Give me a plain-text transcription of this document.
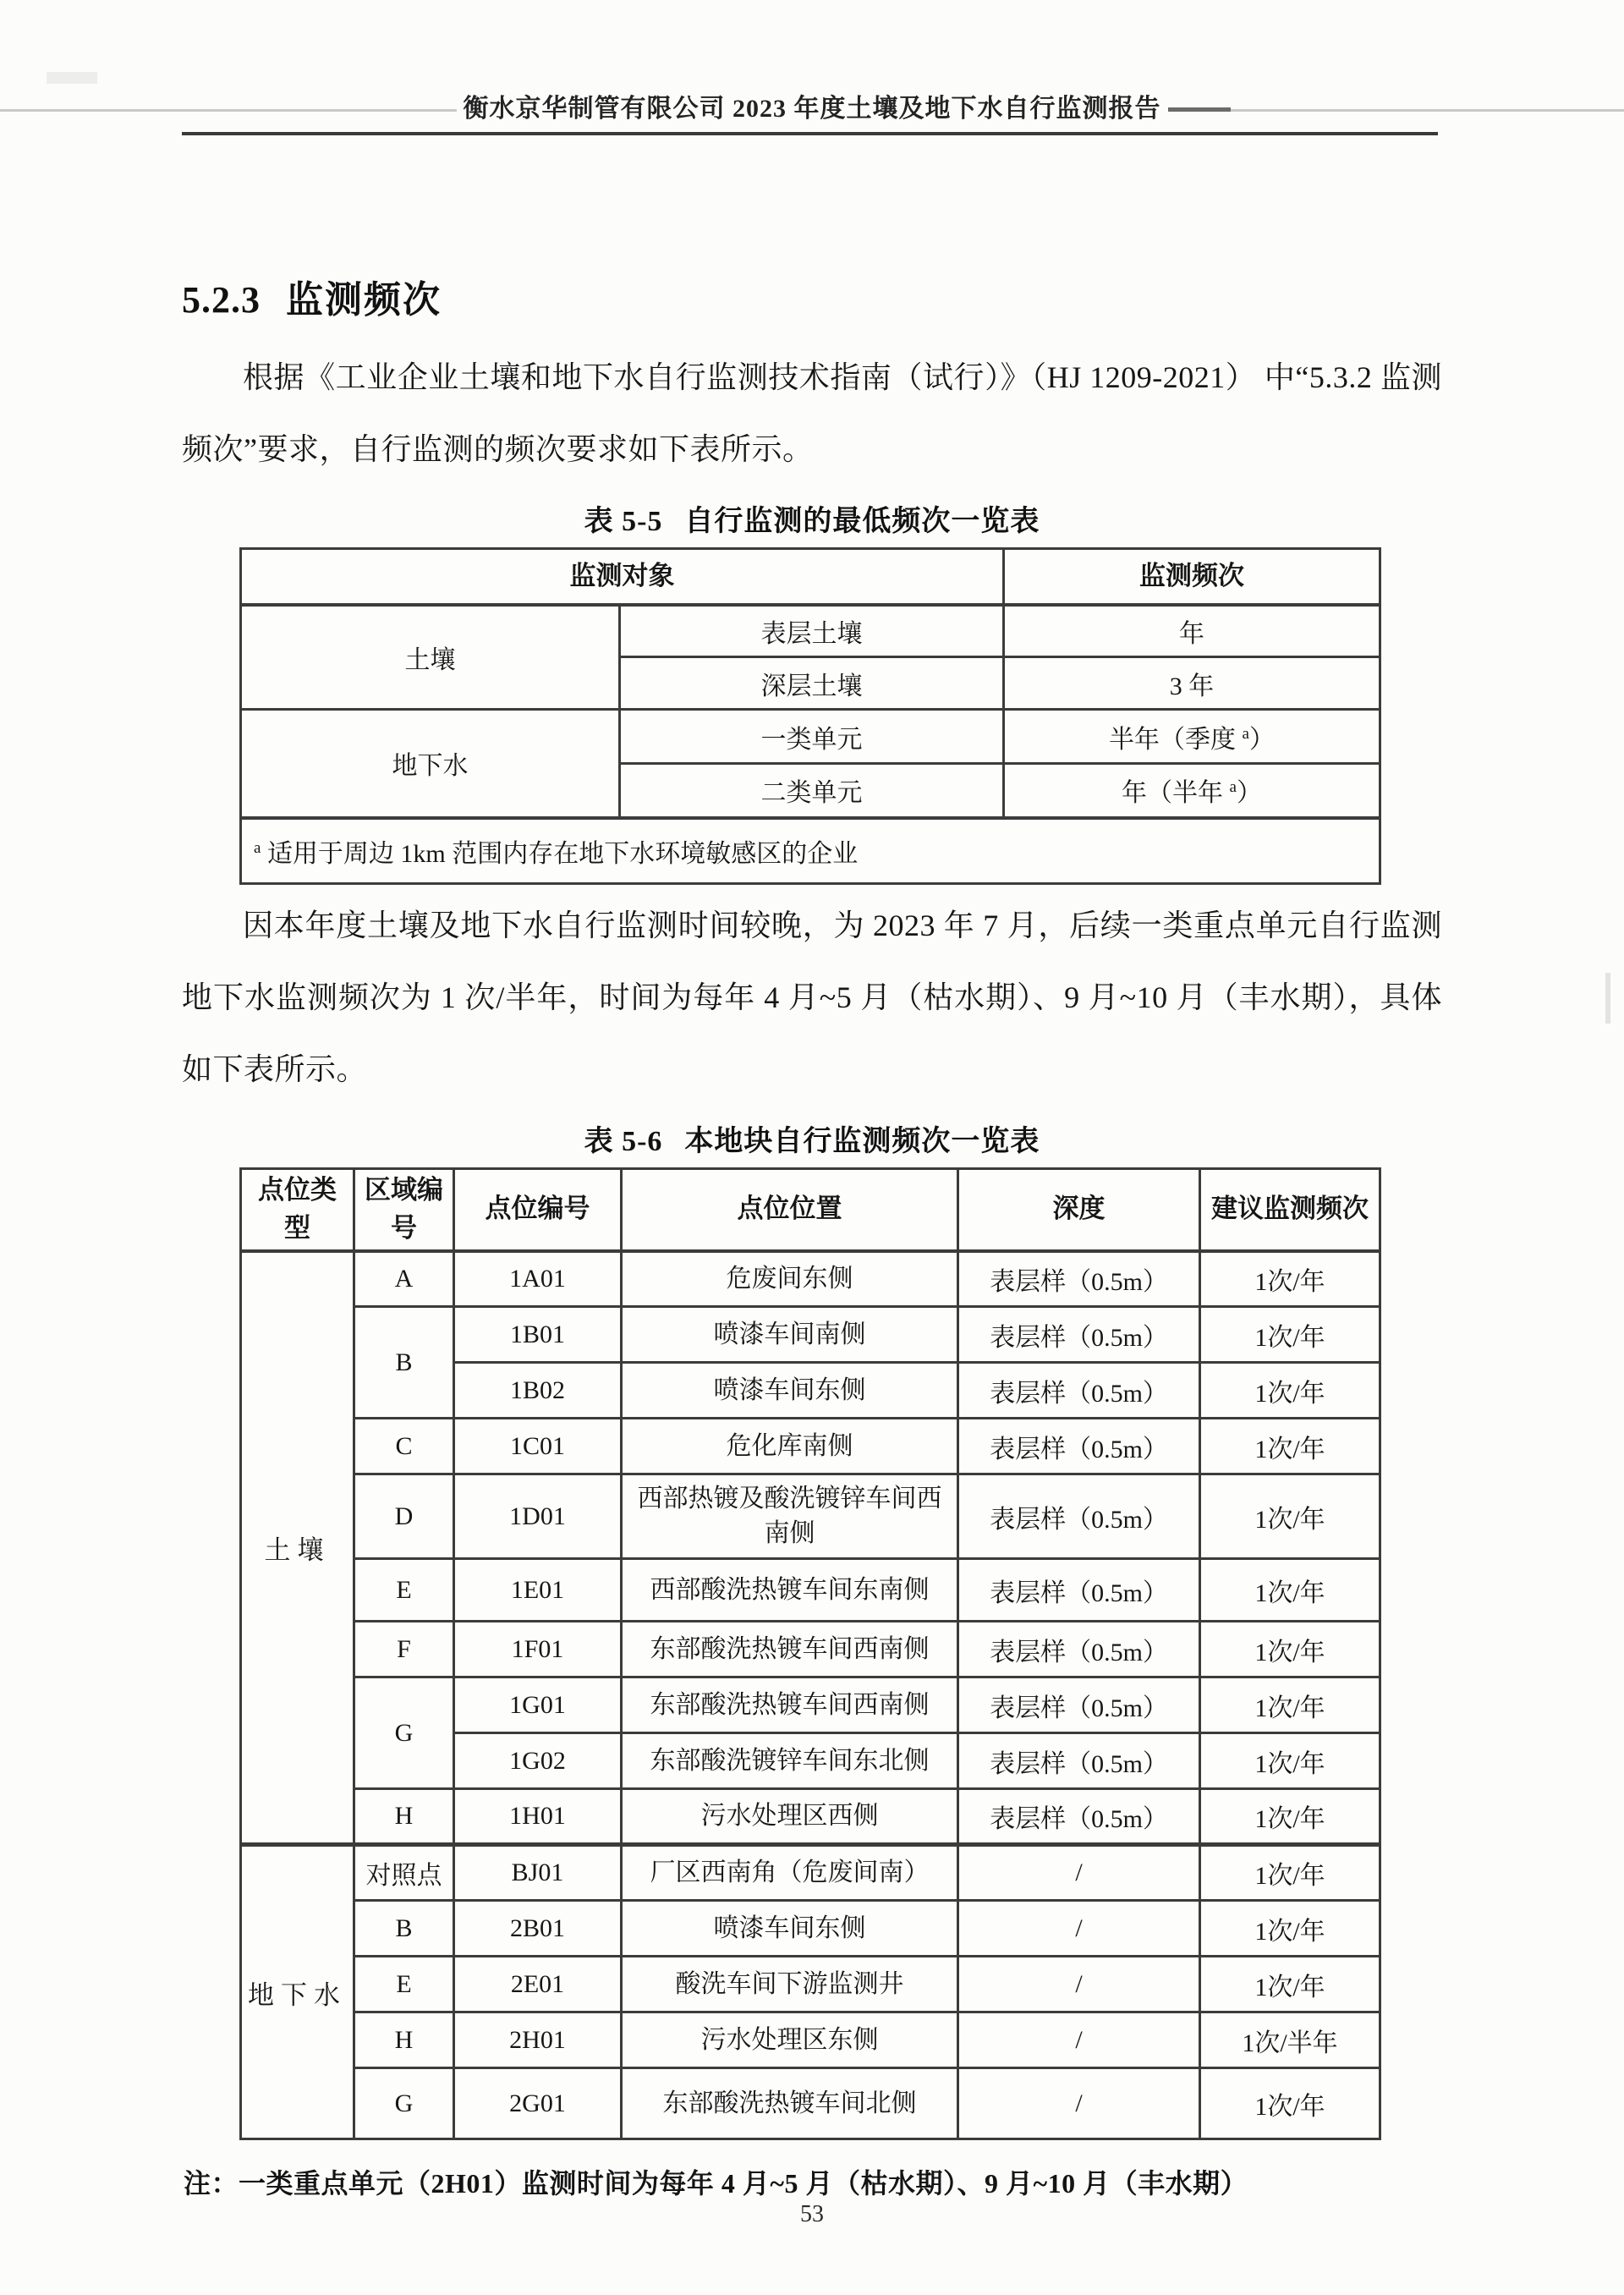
衡水京华制管有限公司 2023 年度土壤及地下水自行监测报告
5.2.3 监测频次

根据《工业企业土壤和地下水自行监测技术指南（试行）》（HJ 1209-2021） 中“5.3.2 监测频次”要求，自行监测的频次要求如下表所示。

表 5-5 自行监测的最低频次一览表
监测对象		监测频次
土壤	表层土壤	年
	深层土壤	3 年
地下水	一类单元	半年（季度 $^a$）
	二类单元	年（半年 $^a$）
$^a$ 适用于周边 1km 范围内存在地下水环境敏感区的企业		

因本年度土壤及地下水自行监测时间较晚，为 2023 年 7 月，后续一类重点单元自行监测地下水监测频次为 1 次/半年，时间为每年 4 月~5 月（枯水期）、9 月~10 月（丰水期），具体如下表所示。

表 5-6 本地块自行监测频次一览表
点位类型	区域编号	点位编号	点位位置	深度	建议监测频次
土壤	A	1A01	危废间东侧	表层样（0.5m）	1次/年
	B	1B01	喷漆车间南侧	表层样（0.5m）	1次/年
		1B02	喷漆车间东侧	表层样（0.5m）	1次/年
	C	1C01	危化库南侧	表层样（0.5m）	1次/年
	D	1D01	西部热镀及酸洗镀锌车间西南侧	表层样（0.5m）	1次/年
	E	1E01	西部酸洗热镀车间东南侧	表层样（0.5m）	1次/年
	F	1F01	东部酸洗热镀车间西南侧	表层样（0.5m）	1次/年
	G	1G01	东部酸洗热镀车间西南侧	表层样（0.5m）	1次/年
		1G02	东部酸洗镀锌车间东北侧	表层样（0.5m）	1次/年
	H	1H01	污水处理区西侧	表层样（0.5m）	1次/年
地下水	对照点	BJ01	厂区西南角（危废间南）	/	1次/年
	B	2B01	喷漆车间东侧	/	1次/年
	E	2E01	酸洗车间下游监测井	/	1次/年
	H	2H01	污水处理区东侧	/	1次/半年
	G	2G01	东部酸洗热镀车间北侧	/	1次/年

注：一类重点单元（2H01）监测时间为每年 4 月~5 月（枯水期）、9 月~10 月（丰水期）

53
